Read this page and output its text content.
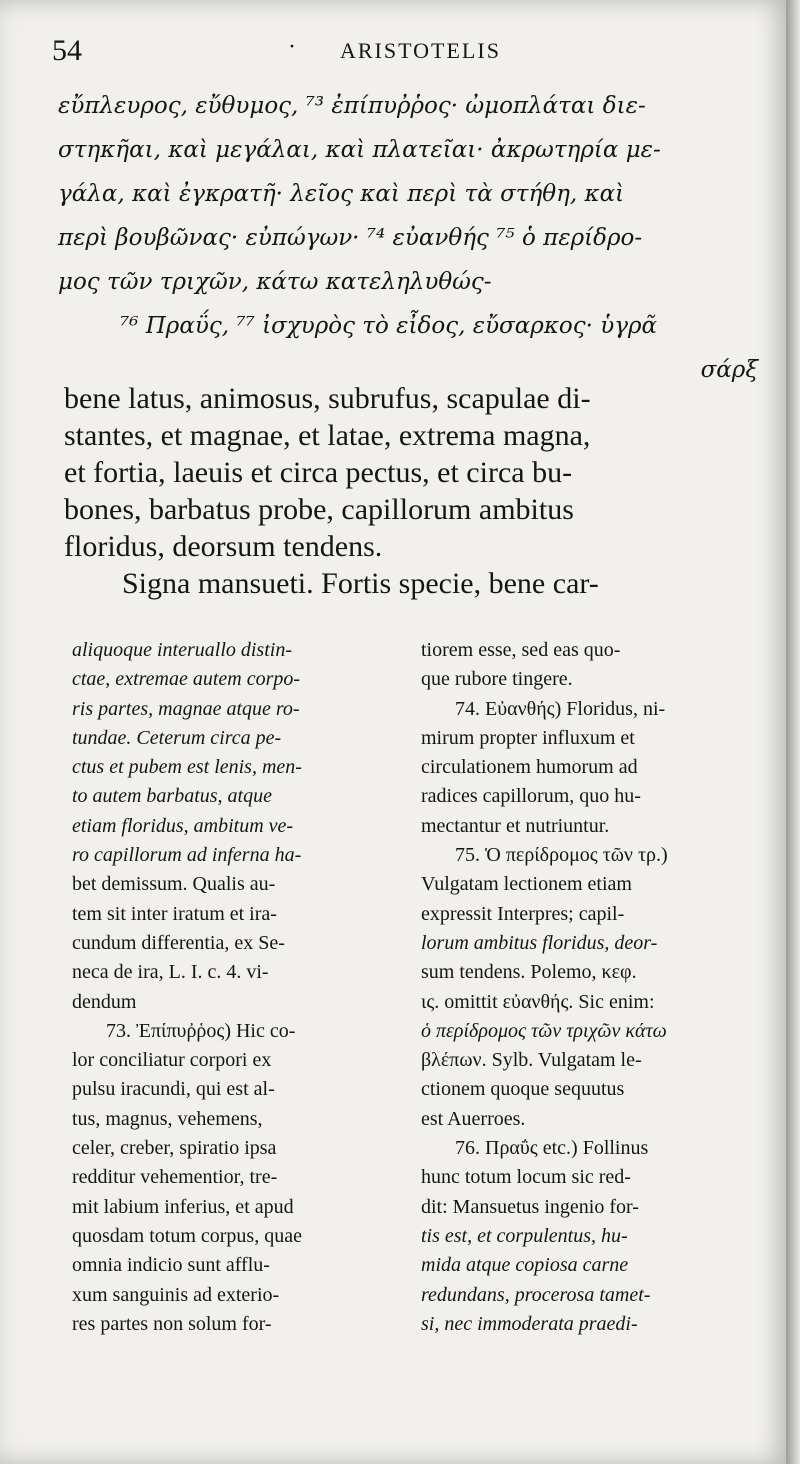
54	· ARISTOTELIS
εὔπλευρος, εὔθυμος, ⁷³ ἐπίπυῤῥος· ὠμοπλάται διε-
στηκῆαι, καὶ μεγάλαι, καὶ πλατεῖαι· ἀκρωτηρία με-
γάλα, καὶ ἐγκρατῆ· λεῖος καὶ περὶ τὰ στήθη, καὶ
περὶ βουβῶνας· εὐπώγων· ⁷⁴ εὐανθής ⁷⁵ ὁ περίδρο-
μος τῶν τριχῶν, κάτω κατεληλυθώς-
⁷⁶ Πραΰς, ⁷⁷ ἰσχυρὸς τὸ εἶδος, εὔσαρκος· ὑγρᾶ
σάρξ
bene latus, animosus, subrufus, scapulae di-
stantes, et magnae, et latae, extrema magna,
et fortia, laeuis et circa pectus, et circa bu-
bones, barbatus probe, capillorum ambitus
floridus, deorsum tendens.
Signa mansueti. Fortis specie, bene car-
aliquoque interuallo distin-
ctae, extremae autem corpo-
ris partes, magnae atque ro-
tundae. Ceterum circa pe-
ctus et pubem est lenis, men-
to autem barbatus, atque
etiam floridus, ambitum ve-
ro capillorum ad inferna ha-
bet demissum. Qualis au-
tem sit inter iratum et ira-
cundum differentia, ex Se-
neca de ira, L. I. c. 4. vi-
dendum
73. Ἐπίπυῤῥος) Hic co-
lor conciliatur corpori ex
pulsu iracundi, qui est al-
tus, magnus, vehemens,
celer, creber, spiratio ipsa
redditur vehementior, tre-
mit labium inferius, et apud
quosdam totum corpus, quae
omnia indicio sunt afflu-
xum sanguinis ad exterio-
res partes non solum for-
tiorem esse, sed eas quo-
que rubore tingere.
74. Εὐανθής) Floridus, ni-
mirum propter influxum et
circulationem humorum ad
radices capillorum, quo hu-
mectantur et nutriuntur.
75. Ὁ περίδρομος τῶν τρ.)
Vulgatam lectionem etiam
expressit Interpres; capil-
lorum ambitus floridus, deor-
sum tendens. Polemo, κεφ.
ις. omittit εὐανθής. Sic enim:
ὁ περίδρομος τῶν τριχῶν κάτω
βλέπων. Sylb. Vulgatam le-
ctionem quoque sequutus
est Auerroes.
76. Πραΰς etc.) Follinus
hunc totum locum sic red-
dit: Mansuetus ingenio for-
tis est, et corpulentus, hu-
mida atque copiosa carne
redundans, procerosa tamet-
si, nec immoderata praedi-
